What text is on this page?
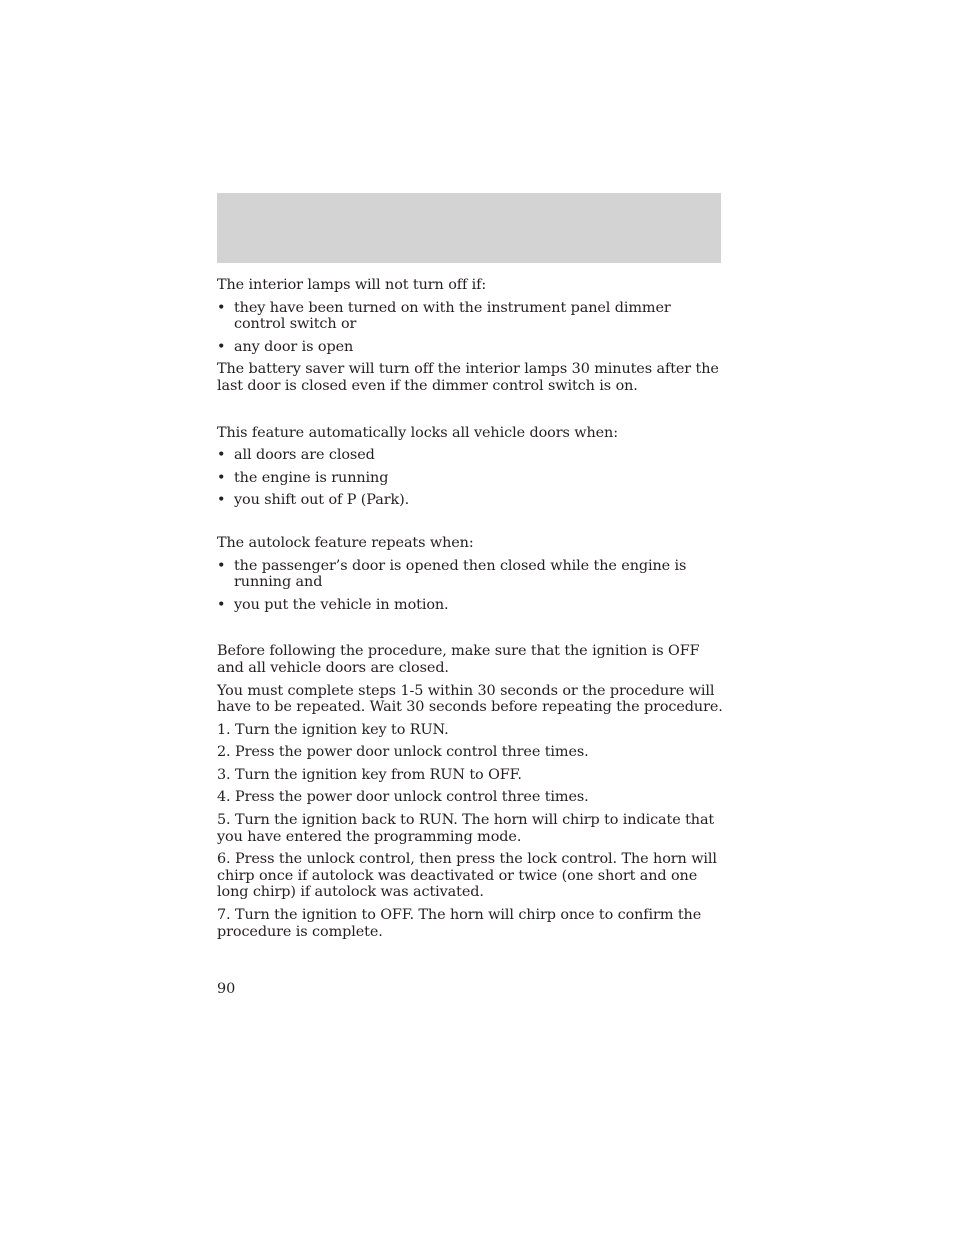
The interior lamps will not turn off if:

• they have been turned on with the instrument panel dimmer control switch or
• any door is open

The battery saver will turn off the interior lamps 30 minutes after the last door is closed even if the dimmer control switch is on.

This feature automatically locks all vehicle doors when:

• all doors are closed
• the engine is running
• you shift out of P (Park).

The autolock feature repeats when:

• the passenger’s door is opened then closed while the engine is running and
• you put the vehicle in motion.

Before following the procedure, make sure that the ignition is OFF and all vehicle doors are closed.

You must complete steps 1-5 within 30 seconds or the procedure will have to be repeated. Wait 30 seconds before repeating the procedure.

1. Turn the ignition key to RUN.
2. Press the power door unlock control three times.
3. Turn the ignition key from RUN to OFF.
4. Press the power door unlock control three times.
5. Turn the ignition back to RUN. The horn will chirp to indicate that you have entered the programming mode.
6. Press the unlock control, then press the lock control. The horn will chirp once if autolock was deactivated or twice (one short and one long chirp) if autolock was activated.
7. Turn the ignition to OFF. The horn will chirp once to confirm the procedure is complete.
90
